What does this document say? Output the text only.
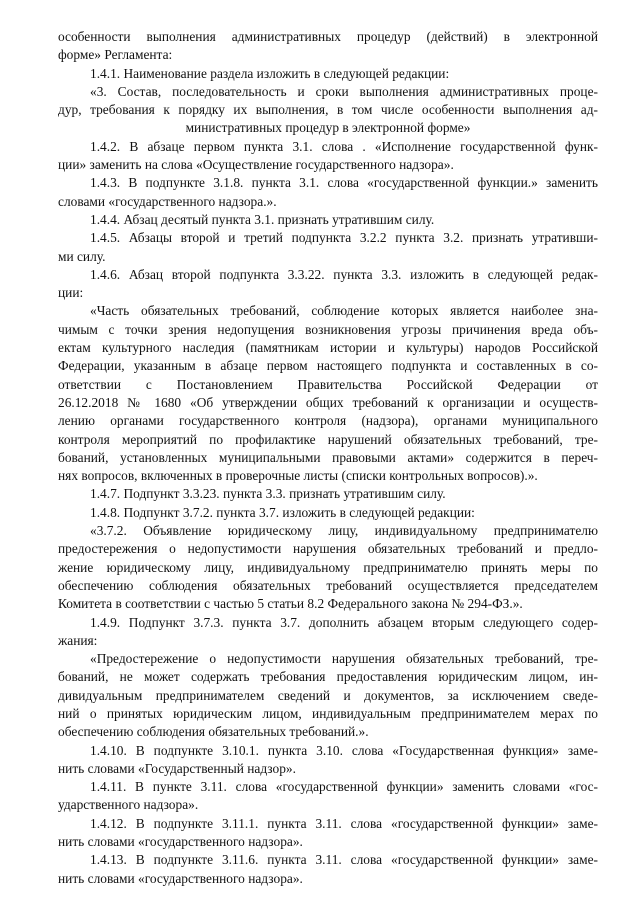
особенности выполнения административных процедур (действий) в электронной
форме» Регламента:
1.4.1. Наименование раздела изложить в следующей редакции:
«3. Состав, последовательность и сроки выполнения административных проце-
дур, требования к порядку их выполнения, в том числе особенности выполнения ад-
министративных процедур в электронной форме»
1.4.2. В абзаце первом пункта 3.1. слова . «Исполнение государственной функ-
ции» заменить на слова «Осуществление государственного надзора».
1.4.3. В подпункте 3.1.8. пункта 3.1. слова «государственной функции.» заменить
словами «государственного надзора.».
1.4.4. Абзац десятый пункта 3.1. признать утратившим силу.
1.4.5. Абзацы второй и третий подпункта 3.2.2 пункта 3.2. признать утративши-
ми силу.
1.4.6. Абзац второй подпункта 3.3.22. пункта 3.3. изложить в следующей редак-
ции:
«Часть обязательных требований, соблюдение которых является наиболее зна-
чимым с точки зрения недопущения возникновения угрозы причинения вреда объ-
ектам культурного наследия (памятникам истории и культуры) народов Российской
Федерации, указанным в абзаце первом настоящего подпункта и составленных в со-
ответствии с Постановлением Правительства Российской Федерации от
26.12.2018 № 1680 «Об утверждении общих требований к организации и осуществ-
лению органами государственного контроля (надзора), органами муниципального
контроля мероприятий по профилактике нарушений обязательных требований, тре-
бований, установленных муниципальными правовыми актами» содержится в переч-
нях вопросов, включенных в проверочные листы (списки контрольных вопросов).».
1.4.7. Подпункт 3.3.23. пункта 3.3. признать утратившим силу.
1.4.8. Подпункт 3.7.2. пункта 3.7. изложить в следующей редакции:
«3.7.2. Объявление юридическому лицу, индивидуальному предпринимателю
предостережения о недопустимости нарушения обязательных требований и предло-
жение юридическому лицу, индивидуальному предпринимателю принять меры по
обеспечению соблюдения обязательных требований осуществляется председателем
Комитета в соответствии с частью 5 статьи 8.2 Федерального закона № 294-ФЗ.».
1.4.9. Подпункт 3.7.3. пункта 3.7. дополнить абзацем вторым следующего содер-
жания:
«Предостережение о недопустимости нарушения обязательных требований, тре-
бований, не может содержать требования предоставления юридическим лицом, ин-
дивидуальным предпринимателем сведений и документов, за исключением сведе-
ний о принятых юридическим лицом, индивидуальным предпринимателем мерах по
обеспечению соблюдения обязательных требований.».
1.4.10. В подпункте 3.10.1. пункта 3.10. слова «Государственная функция» заме-
нить словами «Государственный надзор».
1.4.11. В пункте 3.11. слова «государственной функции» заменить словами «гос-
ударственного надзора».
1.4.12. В подпункте 3.11.1. пункта 3.11. слова «государственной функции» заме-
нить словами «государственного надзора».
1.4.13. В подпункте 3.11.6. пункта 3.11. слова «государственной функции» заме-
нить словами «государственного надзора».
